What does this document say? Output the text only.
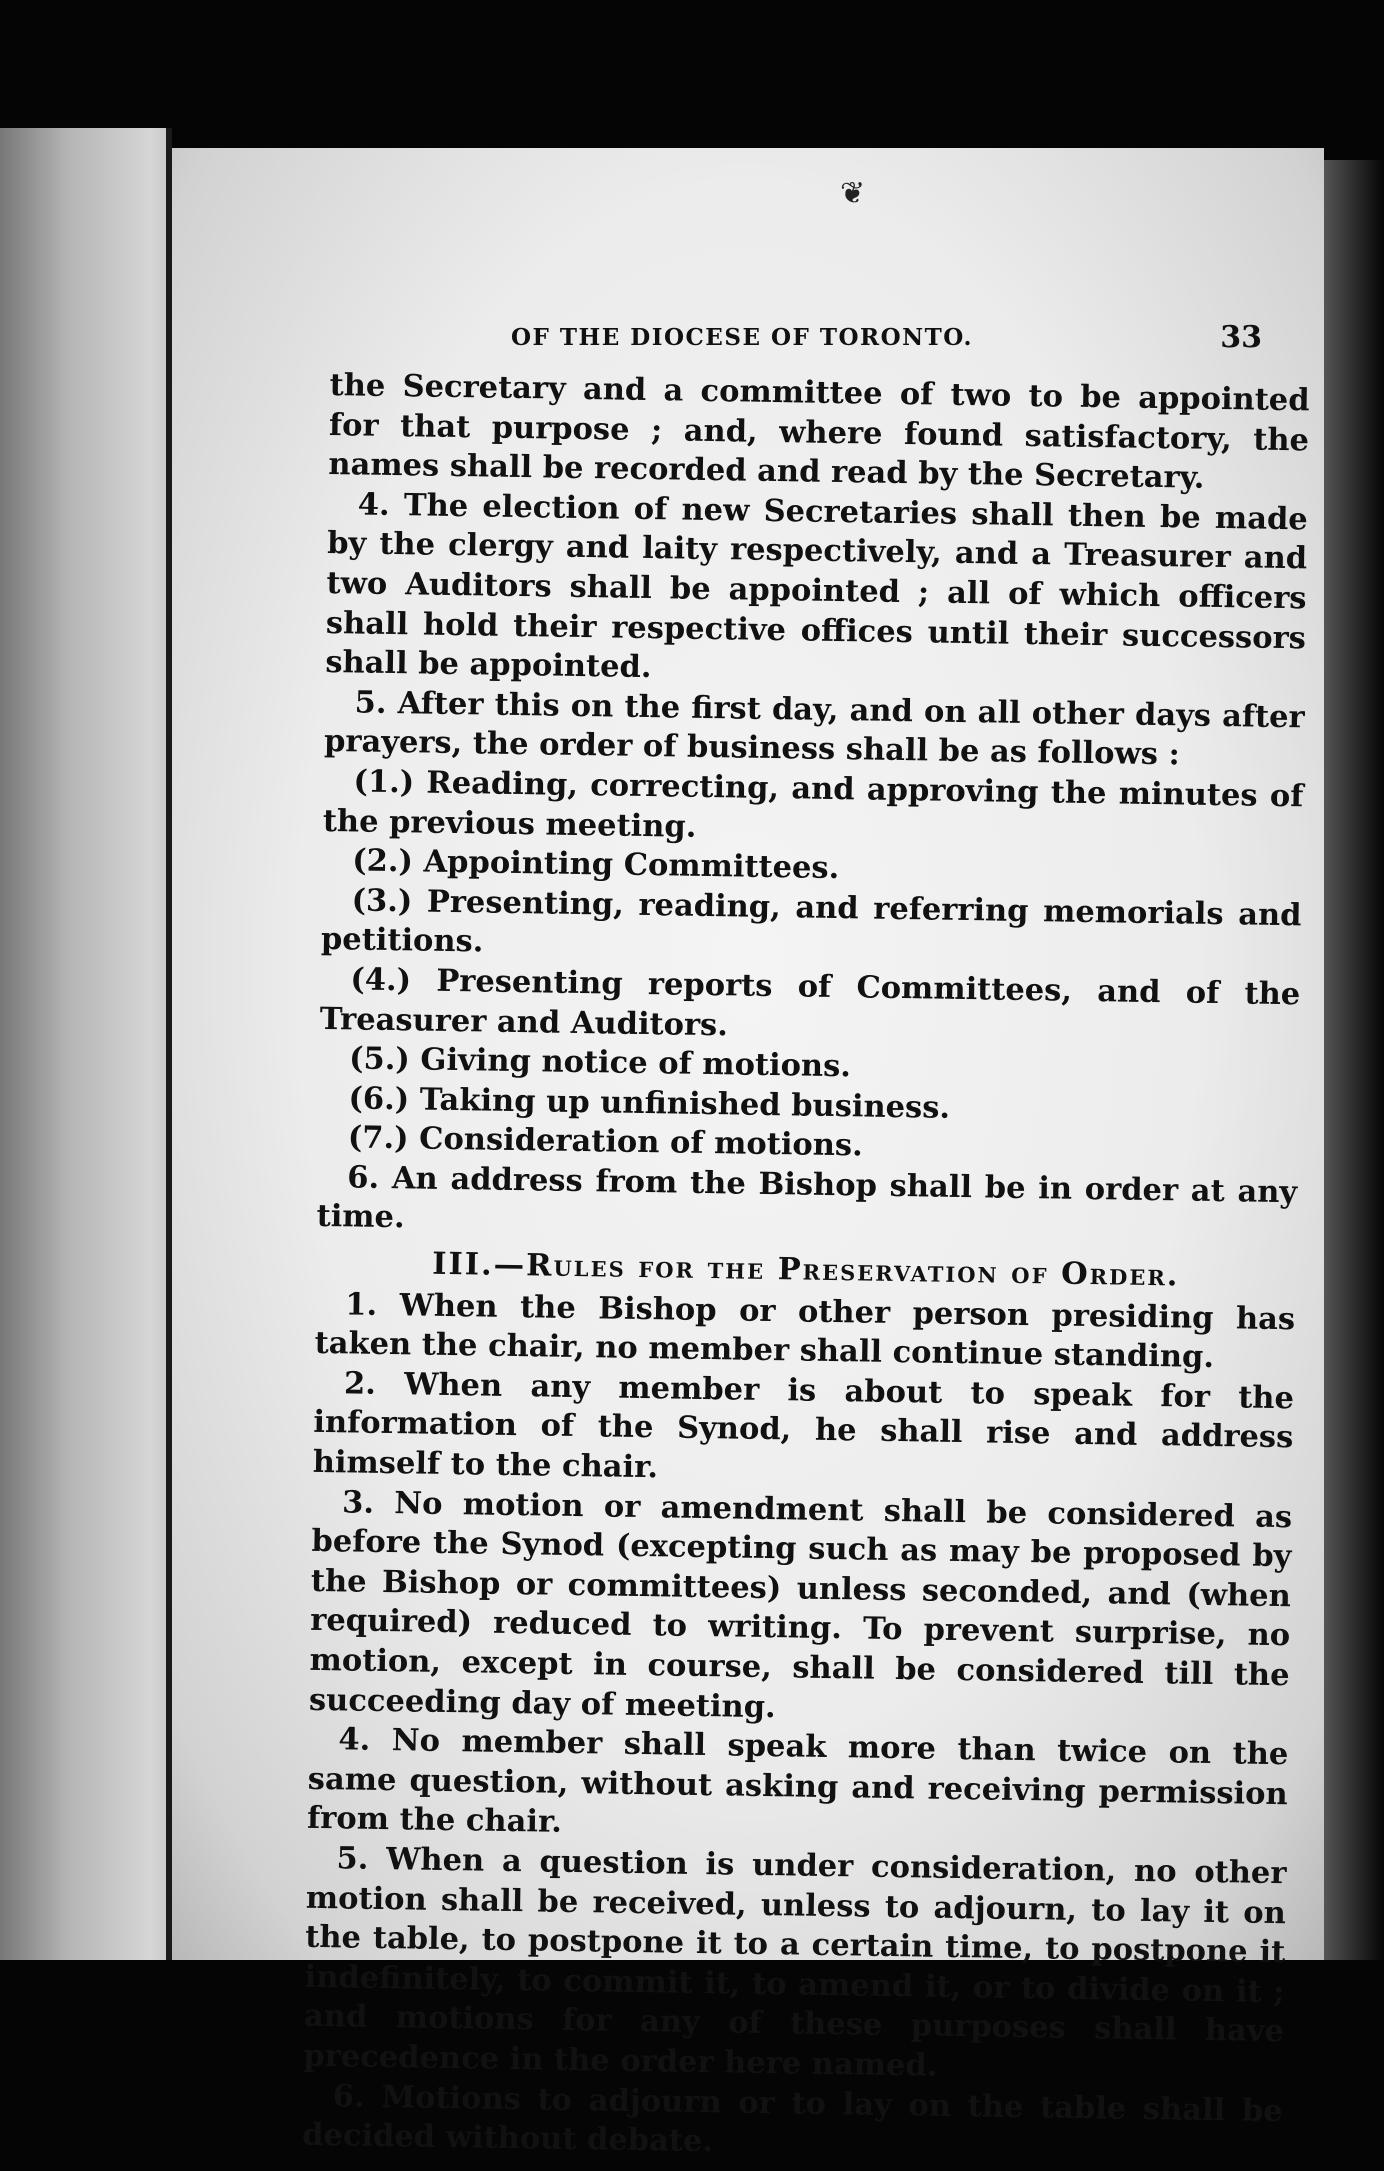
❦
OF THE DIOCESE OF TORONTO.	33

the Secretary and a committee of two to be appointed for that purpose ; and, where found satisfactory, the names shall be recorded and read by the Secretary.

4. The election of new Secretaries shall then be made by the clergy and laity respectively, and a Treasurer and two Auditors shall be appointed ; all of which officers shall hold their respective offices until their successors shall be appointed.

5. After this on the first day, and on all other days after prayers, the order of business shall be as follows :

(1.) Reading, correcting, and approving the minutes of the previous meeting.

(2.) Appointing Committees.

(3.) Presenting, reading, and referring memorials and petitions.

(4.) Presenting reports of Committees, and of the Treasurer and Auditors.

(5.) Giving notice of motions.

(6.) Taking up unfinished business.

(7.) Consideration of motions.

6. An address from the Bishop shall be in order at any time.

III.—Rules for the Preservation of Order.

1. When the Bishop or other person presiding has taken the chair, no member shall continue standing.

2. When any member is about to speak for the information of the Synod, he shall rise and address himself to the chair.

3. No motion or amendment shall be considered as before the Synod (excepting such as may be proposed by the Bishop or committees) unless seconded, and (when required) reduced to writing. To prevent surprise, no motion, except in course, shall be considered till the succeeding day of meeting.

4. No member shall speak more than twice on the same question, without asking and receiving permission from the chair.

5. When a question is under consideration, no other motion shall be received, unless to adjourn, to lay it on the table, to postpone it to a certain time, to postpone it indefinitely, to commit it, to amend it, or to divide on it ; and motions for any of these purposes shall have precedence in the order here named.

6. Motions to adjourn or to lay on the table shall be decided without debate.
